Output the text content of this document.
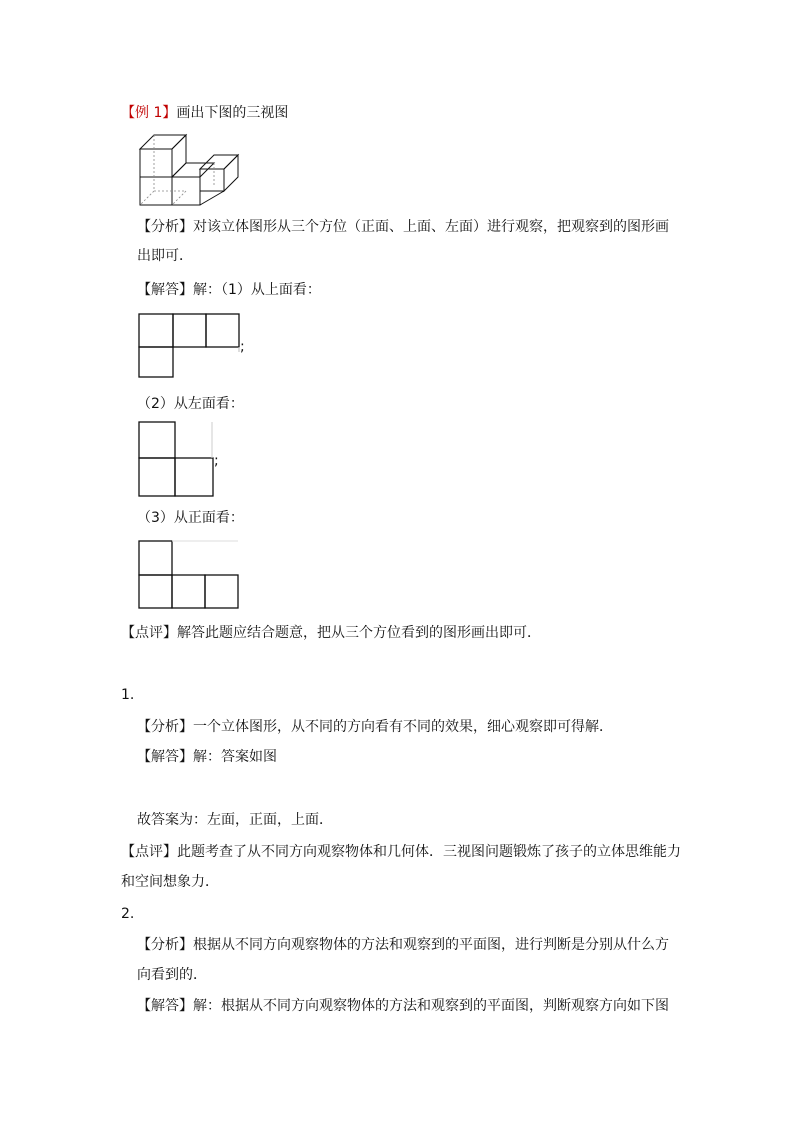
【例 1】画出下图的三视图
【分析】对该立体图形从三个方位（正面、上面、左面）进行观察，把观察到的图形画
出即可．
【解答】解：（1）从上面看：
;
（2）从左面看：
;
（3）从正面看：
【点评】解答此题应结合题意，把从三个方位看到的图形画出即可．
1.
【分析】一个立体图形，从不同的方向看有不同的效果，细心观察即可得解．
【解答】解：答案如图
故答案为：左面，正面，上面．
【点评】此题考查了从不同方向观察物体和几何体．三视图问题锻炼了孩子的立体思维能力
和空间想象力．
2.
【分析】根据从不同方向观察物体的方法和观察到的平面图，进行判断是分别从什么方
向看到的．
【解答】解：根据从不同方向观察物体的方法和观察到的平面图，判断观察方向如下图
